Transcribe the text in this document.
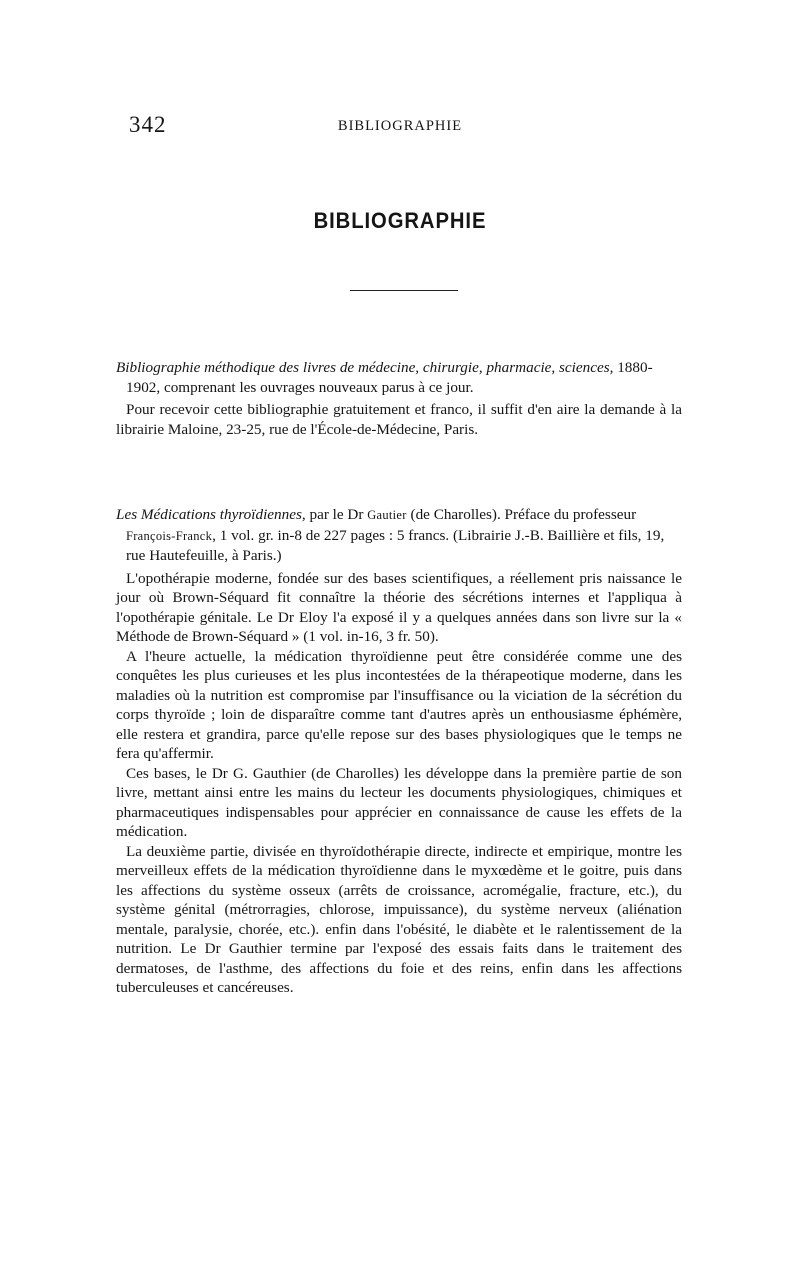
342	BIBLIOGRAPHIE
BIBLIOGRAPHIE

Bibliographie méthodique des livres de médecine, chirurgie, pharmacie, sciences, 1880-1902, comprenant les ouvrages nouveaux parus à ce jour.

Pour recevoir cette bibliographie gratuitement et franco, il suffit d'en aire la demande à la librairie Maloine, 23-25, rue de l'École-de-Médecine, Paris.

Les Médications thyroïdiennes, par le Dr Gautier (de Charolles). Préface du professeur François-Franck, 1 vol. gr. in-8 de 227 pages : 5 francs. (Librairie J.-B. Baillière et fils, 19, rue Hautefeuille, à Paris.)

L'opothérapie moderne, fondée sur des bases scientifiques, a réellement pris naissance le jour où Brown-Séquard fit connaître la théorie des sécrétions internes et l'appliqua à l'opothérapie génitale. Le Dr Eloy l'a exposé il y a quelques années dans son livre sur la « Méthode de Brown-Séquard » (1 vol. in-16, 3 fr. 50).

A l'heure actuelle, la médication thyroïdienne peut être considérée comme une des conquêtes les plus curieuses et les plus incontestées de la thérapeotique moderne, dans les maladies où la nutrition est compromise par l'insuffisance ou la viciation de la sécrétion du corps thyroïde ; loin de disparaître comme tant d'autres après un enthousiasme éphémère, elle restera et grandira, parce qu'elle repose sur des bases physiologiques que le temps ne fera qu'affermir.

Ces bases, le Dr G. Gauthier (de Charolles) les développe dans la première partie de son livre, mettant ainsi entre les mains du lecteur les documents physiologiques, chimiques et pharmaceutiques indispensables pour apprécier en connaissance de cause les effets de la médication.

La deuxième partie, divisée en thyroïdothérapie directe, indirecte et empirique, montre les merveilleux effets de la médication thyroïdienne dans le myxœdème et le goitre, puis dans les affections du système osseux (arrêts de croissance, acromégalie, fracture, etc.), du système génital (métrorragies, chlorose, impuissance), du système nerveux (aliénation mentale, paralysie, chorée, etc.). enfin dans l'obésité, le diabète et le ralentissement de la nutrition. Le Dr Gauthier termine par l'exposé des essais faits dans le traitement des dermatoses, de l'asthme, des affections du foie et des reins, enfin dans les affections tuberculeuses et cancéreuses.
